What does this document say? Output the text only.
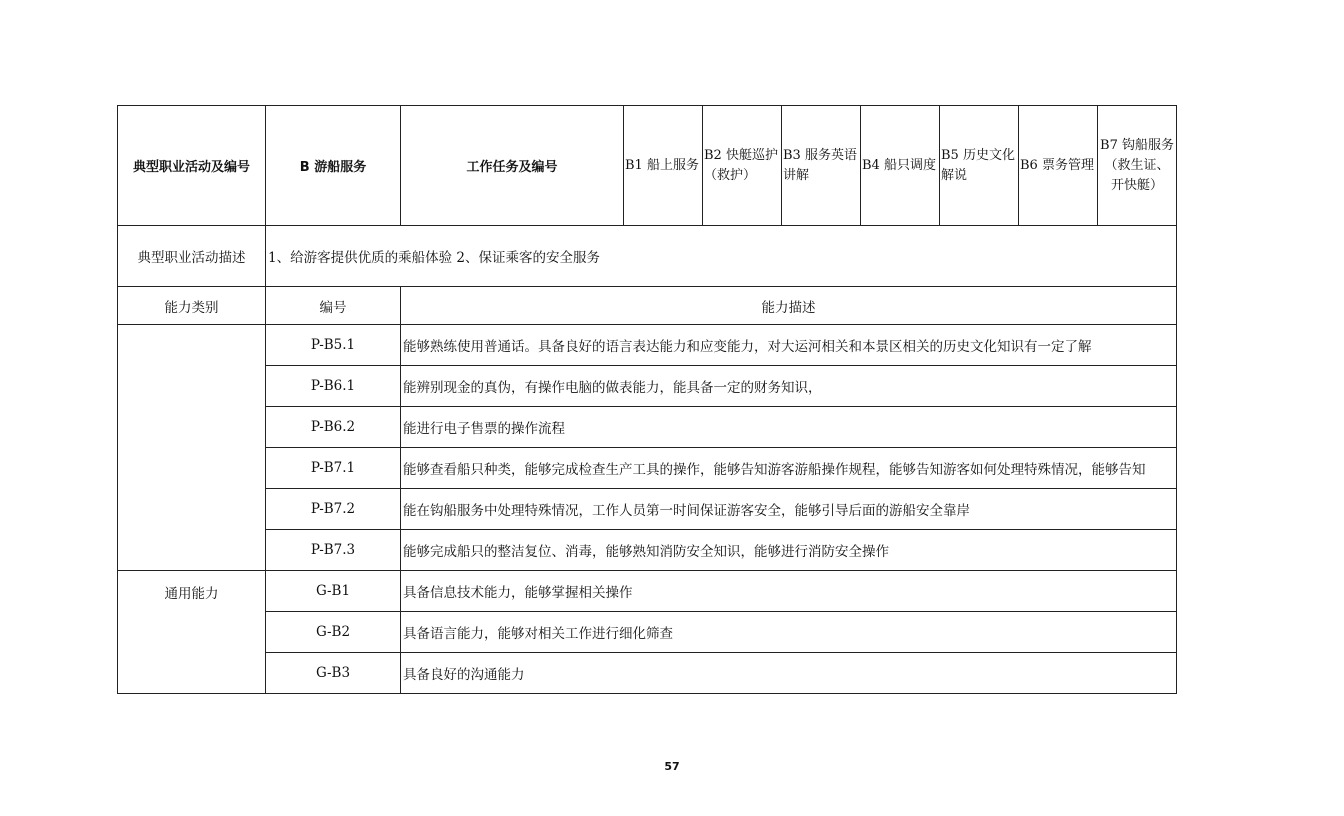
典型职业活动及编号	B 游船服务	工作任务及编号	B1 船上服务	B2 快艇巡护（救护）	B3 服务英语讲解	B4 船只调度	B5 历史文化解说	B6 票务管理	B7 钩船服务（救生证、开快艇）
典型职业活动描述	1、给游客提供优质的乘船体验 2、保证乘客的安全服务								
能力类别	编号	能力描述							
	P-B5.1	能够熟练使用普通话。具备良好的语言表达能力和应变能力，对大运河相关和本景区相关的历史文化知识有一定了解							
	P-B6.1	能辨别现金的真伪，有操作电脑的做表能力，能具备一定的财务知识，							
	P-B6.2	能进行电子售票的操作流程							
	P-B7.1	能够查看船只种类，能够完成检查生产工具的操作，能够告知游客游船操作规程，能够告知游客如何处理特殊情况，能够告知							
	P-B7.2	能在钩船服务中处理特殊情况，工作人员第一时间保证游客安全，能够引导后面的游船安全靠岸							
	P-B7.3	能够完成船只的整洁复位、消毒，能够熟知消防安全知识，能够进行消防安全操作							
通用能力	G-B1	具备信息技术能力，能够掌握相关操作							
	G-B2	具备语言能力，能够对相关工作进行细化筛查							
	G-B3	具备良好的沟通能力							
57
